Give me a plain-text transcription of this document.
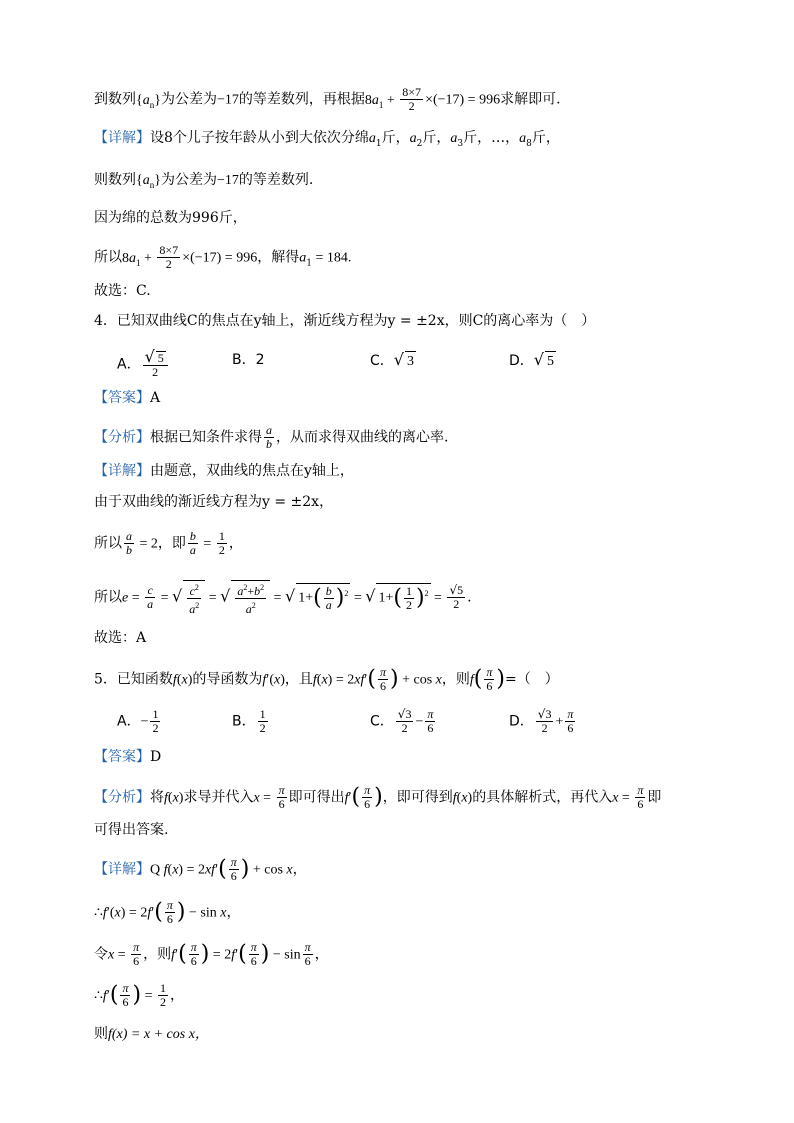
到数列$\{a_n\}$为公差为−17的等差数列，再根据$8a_1 + \frac{8\times 7}{2} \times(-17) = 996$求解即可.
【详解】设8个儿子按年龄从小到大依次分绵$a_1$斤，$a_2$斤，$a_3$斤，…，$a_8$斤，
则数列$\{a_n\}$为公差为−17的等差数列.
因为绵的总数为996斤，
所以$8a_1 + \frac{8\times 7}{2} \times(-17) = 996$，解得$a_1 = 184$.
故选：C.
4．已知双曲线C的焦点在y轴上，渐近线方程为y = ±2x，则C的离心率为（　）
A． $\frac{√ 5}{2}$	B．2	C．√ 3	D．√ 5
【答案】A
【分析】根据已知条件求得 $\frac{a}{b}$ ，从而求得双曲线的离心率.
【详解】由题意，双曲线的焦点在y轴上，
由于双曲线的渐近线方程为y = ±2x，
所以 $\frac{a}{b} = 2$，即 $\frac{b}{a} = \frac{1}{2}$ ，
所以$e = \frac{c}{a}$ = √ $\frac{c^2}{a^2}$ = √ $\frac{a^2+b^2}{a^2}$ = √ $1+( \frac{b}{a} )^2$ = √ $1+( \frac{1}{2} )^2 = \frac{√5}{2}$ .
故选：A
5．已知函数f(x)的导函数为f′(x)，且$f(x) = 2xf'( \frac{\pi}{6}$ ) + cos x，则$f( \frac{\pi}{6}$ )=（　）
A．− $\frac{1}{2}$	B． $\frac{1}{2}$	C． $\frac{√3}{2} - \frac{\pi}{6}$	D． $\frac{√3}{2} + \frac{\pi}{6}$
【答案】D
【分析】将f(x)求导并代入$x = \frac{\pi}{6}$ 即可得出$f'( \frac{\pi}{6}$ )，即可得到f(x)的具体解析式，再代入$x = \frac{\pi}{6}$ 即
可得出答案.
【详解】Q $f(x) = 2xf'( \frac{\pi}{6}$ ) + cos x，
∴f′(x) = $2f'( \frac{\pi}{6}$ ) − sin x，
令$x = \frac{\pi}{6}$ ，则$f'( \frac{\pi}{6}$ ) = $2f'( \frac{\pi}{6}$ ) − $\sin \frac{\pi}{6}$ ，
∴f′( $\frac{\pi}{6}$ ) = $\frac{1}{2}$ ，
则f(x) = x + cos x，
